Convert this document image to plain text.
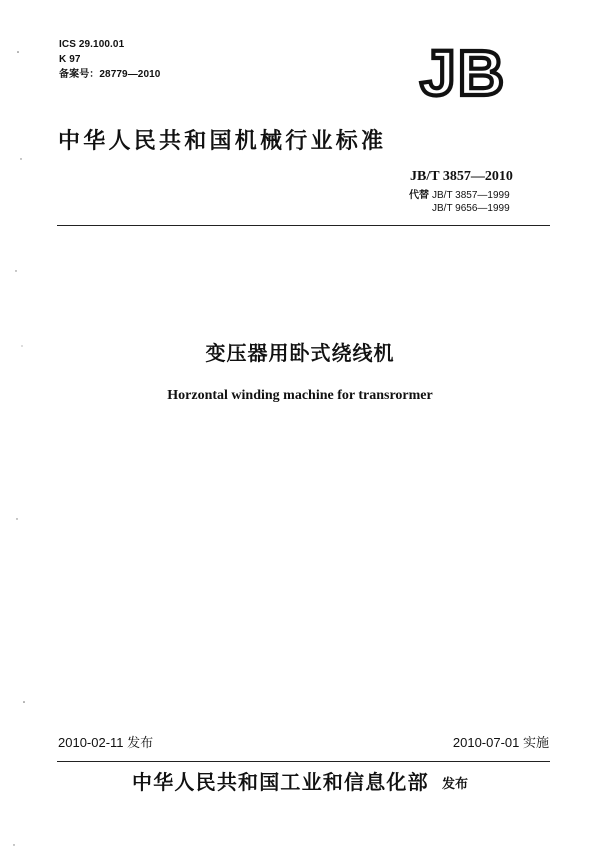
ICS 29.100.01
K 97
备案号：28779—2010	JB
中华人民共和国机械行业标准
JB/T 3857—2010
代替 JB/T 3857—1999
JB/T 9656—1999
变压器用卧式绕线机
Horzontal winding machine for transrormer
2010-02-11 发布	2010-07-01 实施
中华人民共和国工业和信息化部 发布
